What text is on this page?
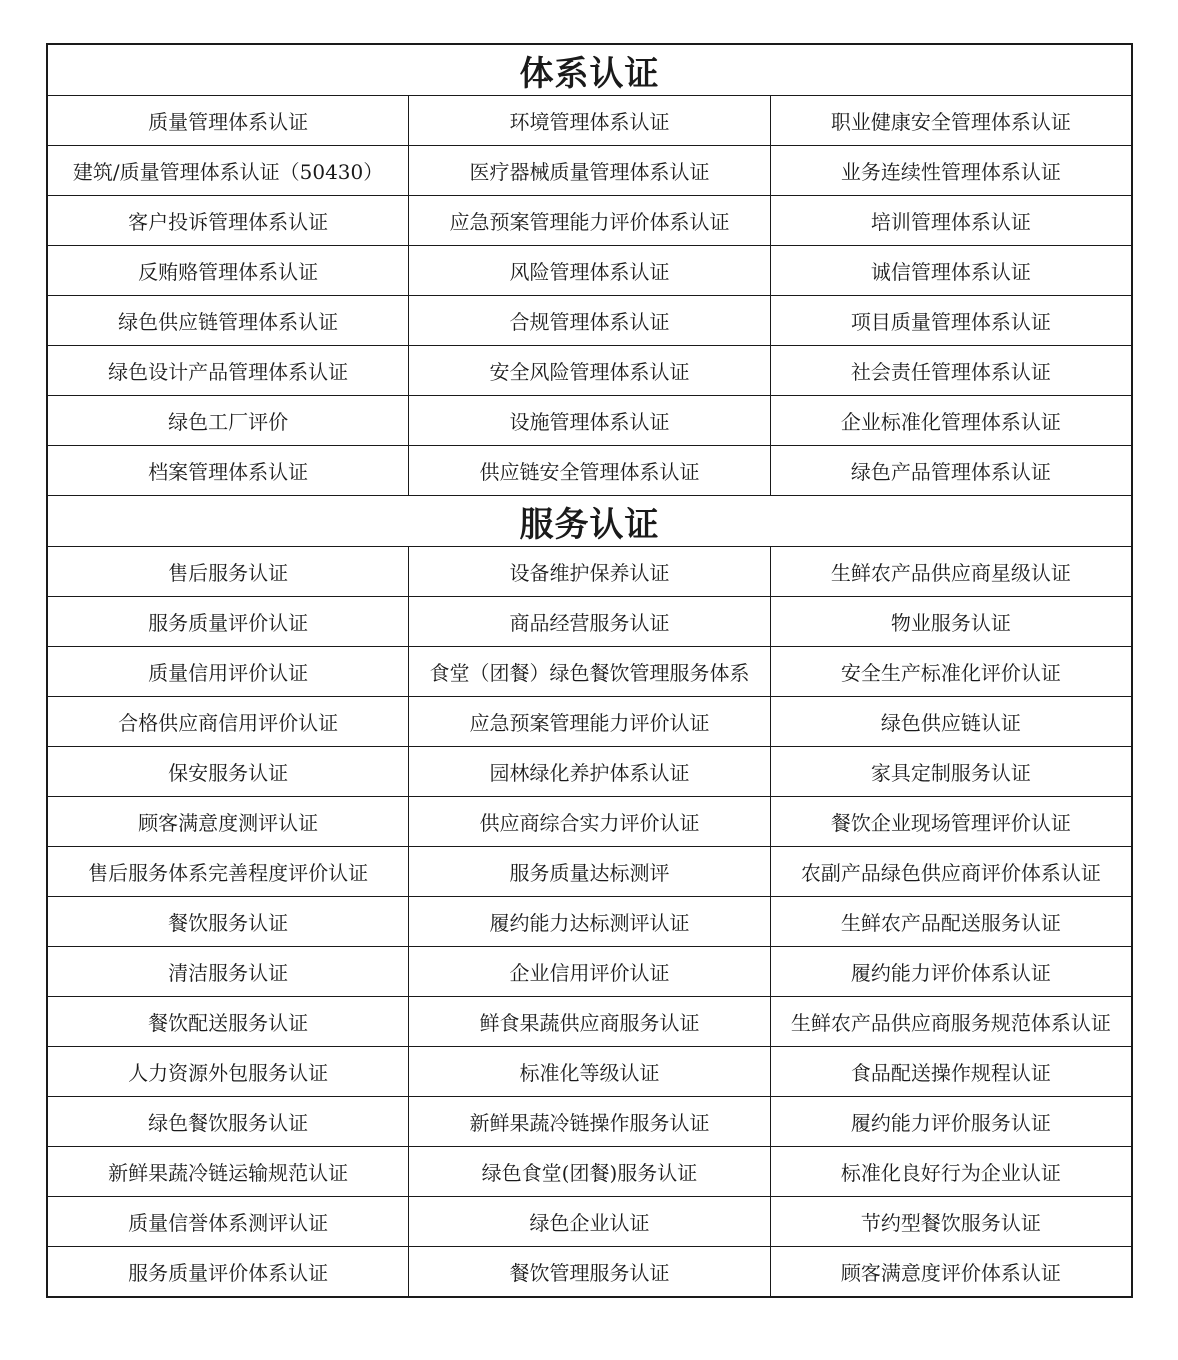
体系认证		
质量管理体系认证	环境管理体系认证	职业健康安全管理体系认证
建筑/质量管理体系认证（50430）	医疗器械质量管理体系认证	业务连续性管理体系认证
客户投诉管理体系认证	应急预案管理能力评价体系认证	培训管理体系认证
反贿赂管理体系认证	风险管理体系认证	诚信管理体系认证
绿色供应链管理体系认证	合规管理体系认证	项目质量管理体系认证
绿色设计产品管理体系认证	安全风险管理体系认证	社会责任管理体系认证
绿色工厂评价	设施管理体系认证	企业标准化管理体系认证
档案管理体系认证	供应链安全管理体系认证	绿色产品管理体系认证
服务认证		
售后服务认证	设备维护保养认证	生鲜农产品供应商星级认证
服务质量评价认证	商品经营服务认证	物业服务认证
质量信用评价认证	食堂（团餐）绿色餐饮管理服务体系	安全生产标准化评价认证
合格供应商信用评价认证	应急预案管理能力评价认证	绿色供应链认证
保安服务认证	园林绿化养护体系认证	家具定制服务认证
顾客满意度测评认证	供应商综合实力评价认证	餐饮企业现场管理评价认证
售后服务体系完善程度评价认证	服务质量达标测评	农副产品绿色供应商评价体系认证
餐饮服务认证	履约能力达标测评认证	生鲜农产品配送服务认证
清洁服务认证	企业信用评价认证	履约能力评价体系认证
餐饮配送服务认证	鲜食果蔬供应商服务认证	生鲜农产品供应商服务规范体系认证
人力资源外包服务认证	标准化等级认证	食品配送操作规程认证
绿色餐饮服务认证	新鲜果蔬冷链操作服务认证	履约能力评价服务认证
新鲜果蔬冷链运输规范认证	绿色食堂(团餐)服务认证	标准化良好行为企业认证
质量信誉体系测评认证	绿色企业认证	节约型餐饮服务认证
服务质量评价体系认证	餐饮管理服务认证	顾客满意度评价体系认证
